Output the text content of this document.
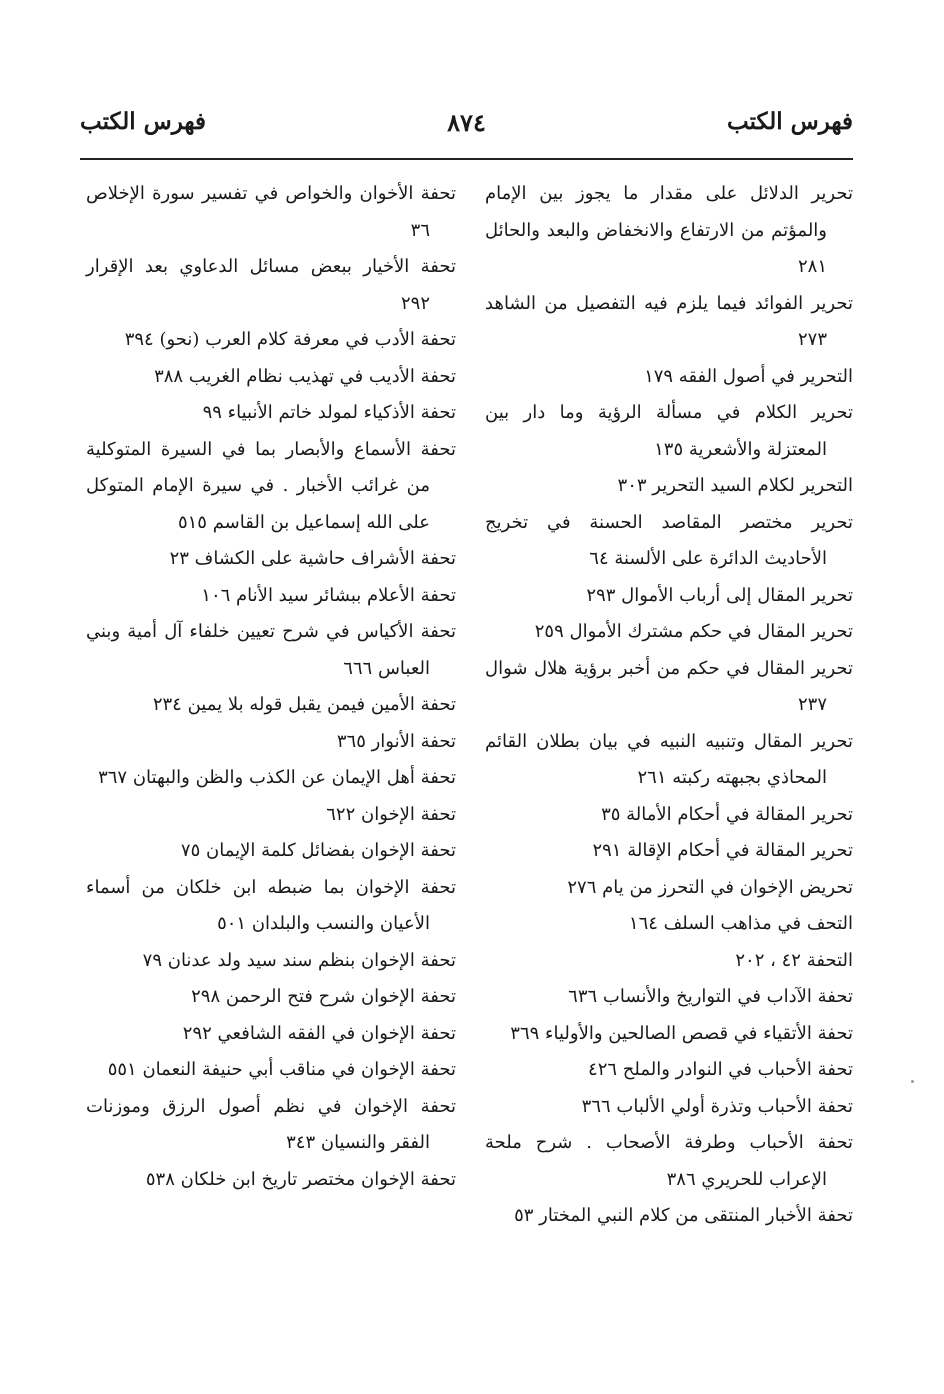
فهرس الكتب
٨٧٤
فهرس الكتب

تحرير الدلائل على مقدار ما يجوز بين الإمام والمؤتم من الارتفاع والانخفاض والبعد والحائل ٢٨١

تحرير الفوائد فيما يلزم فيه التفصيل من الشاهد ٢٧٣

التحرير في أصول الفقه ١٧٩

تحرير الكلام في مسألة الرؤية وما دار بين المعتزلة والأشعرية ١٣٥

التحرير لكلام السيد التحرير ٣٠٣

تحرير مختصر المقاصد الحسنة في تخريج الأحاديث الدائرة على الألسنة ٦٤

تحرير المقال إلى أرباب الأموال ٢٩٣

تحرير المقال في حكم مشترك الأموال ٢٥٩

تحرير المقال في حكم من أخبر برؤية هلال شوال ٢٣٧

تحرير المقال وتنبيه النبيه في بيان بطلان القائم المحاذي بجبهته ركبته ٢٦١

تحرير المقالة في أحكام الأمالة ٣٥

تحرير المقالة في أحكام الإقالة ٢٩١

تحريض الإخوان في التحرز من يام ٢٧٦

التحف في مذاهب السلف ١٦٤

التحفة ٤٢ ، ٢٠٢

تحفة الآداب في التواريخ والأنساب ٦٣٦

تحفة الأتقياء في قصص الصالحين والأولياء ٣٦٩

تحفة الأحباب في النوادر والملح ٤٢٦

تحفة الأحباب وتذرة أولي الألباب ٣٦٦

تحفة الأحباب وطرفة الأصحاب . شرح ملحة الإعراب للحريري ٣٨٦

تحفة الأخبار المنتقى من كلام النبي المختار ٥٣

تحفة الأخوان والخواص في تفسير سورة الإخلاص ٣٦

تحفة الأخيار ببعض مسائل الدعاوي بعد الإقرار ٢٩٢

تحفة الأدب في معرفة كلام العرب (نحو) ٣٩٤

تحفة الأديب في تهذيب نظام الغريب ٣٨٨

تحفة الأذكياء لمولد خاتم الأنبياء ٩٩

تحفة الأسماع والأبصار بما في السيرة المتوكلية من غرائب الأخبار . في سيرة الإمام المتوكل على الله إسماعيل بن القاسم ٥١٥

تحفة الأشراف حاشية على الكشاف ٢٣

تحفة الأعلام ببشائر سيد الأنام ١٠٦

تحفة الأكياس في شرح تعيين خلفاء آل أمية وبني العباس ٦٦٦

تحفة الأمين فيمن يقبل قوله بلا يمين ٢٣٤

تحفة الأنوار ٣٦٥

تحفة أهل الإيمان عن الكذب والظن والبهتان ٣٦٧

تحفة الإخوان ٦٢٢

تحفة الإخوان بفضائل كلمة الإيمان ٧٥

تحفة الإخوان بما ضبطه ابن خلكان من أسماء الأعيان والنسب والبلدان ٥٠١

تحفة الإخوان بنظم سند سيد ولد عدنان ٧٩

تحفة الإخوان شرح فتح الرحمن ٢٩٨

تحفة الإخوان في الفقه الشافعي ٢٩٢

تحفة الإخوان في مناقب أبي حنيفة النعمان ٥٥١

تحفة الإخوان في نظم أصول الرزق وموزنات الفقر والنسيان ٣٤٣

تحفة الإخوان مختصر تاريخ ابن خلكان ٥٣٨
